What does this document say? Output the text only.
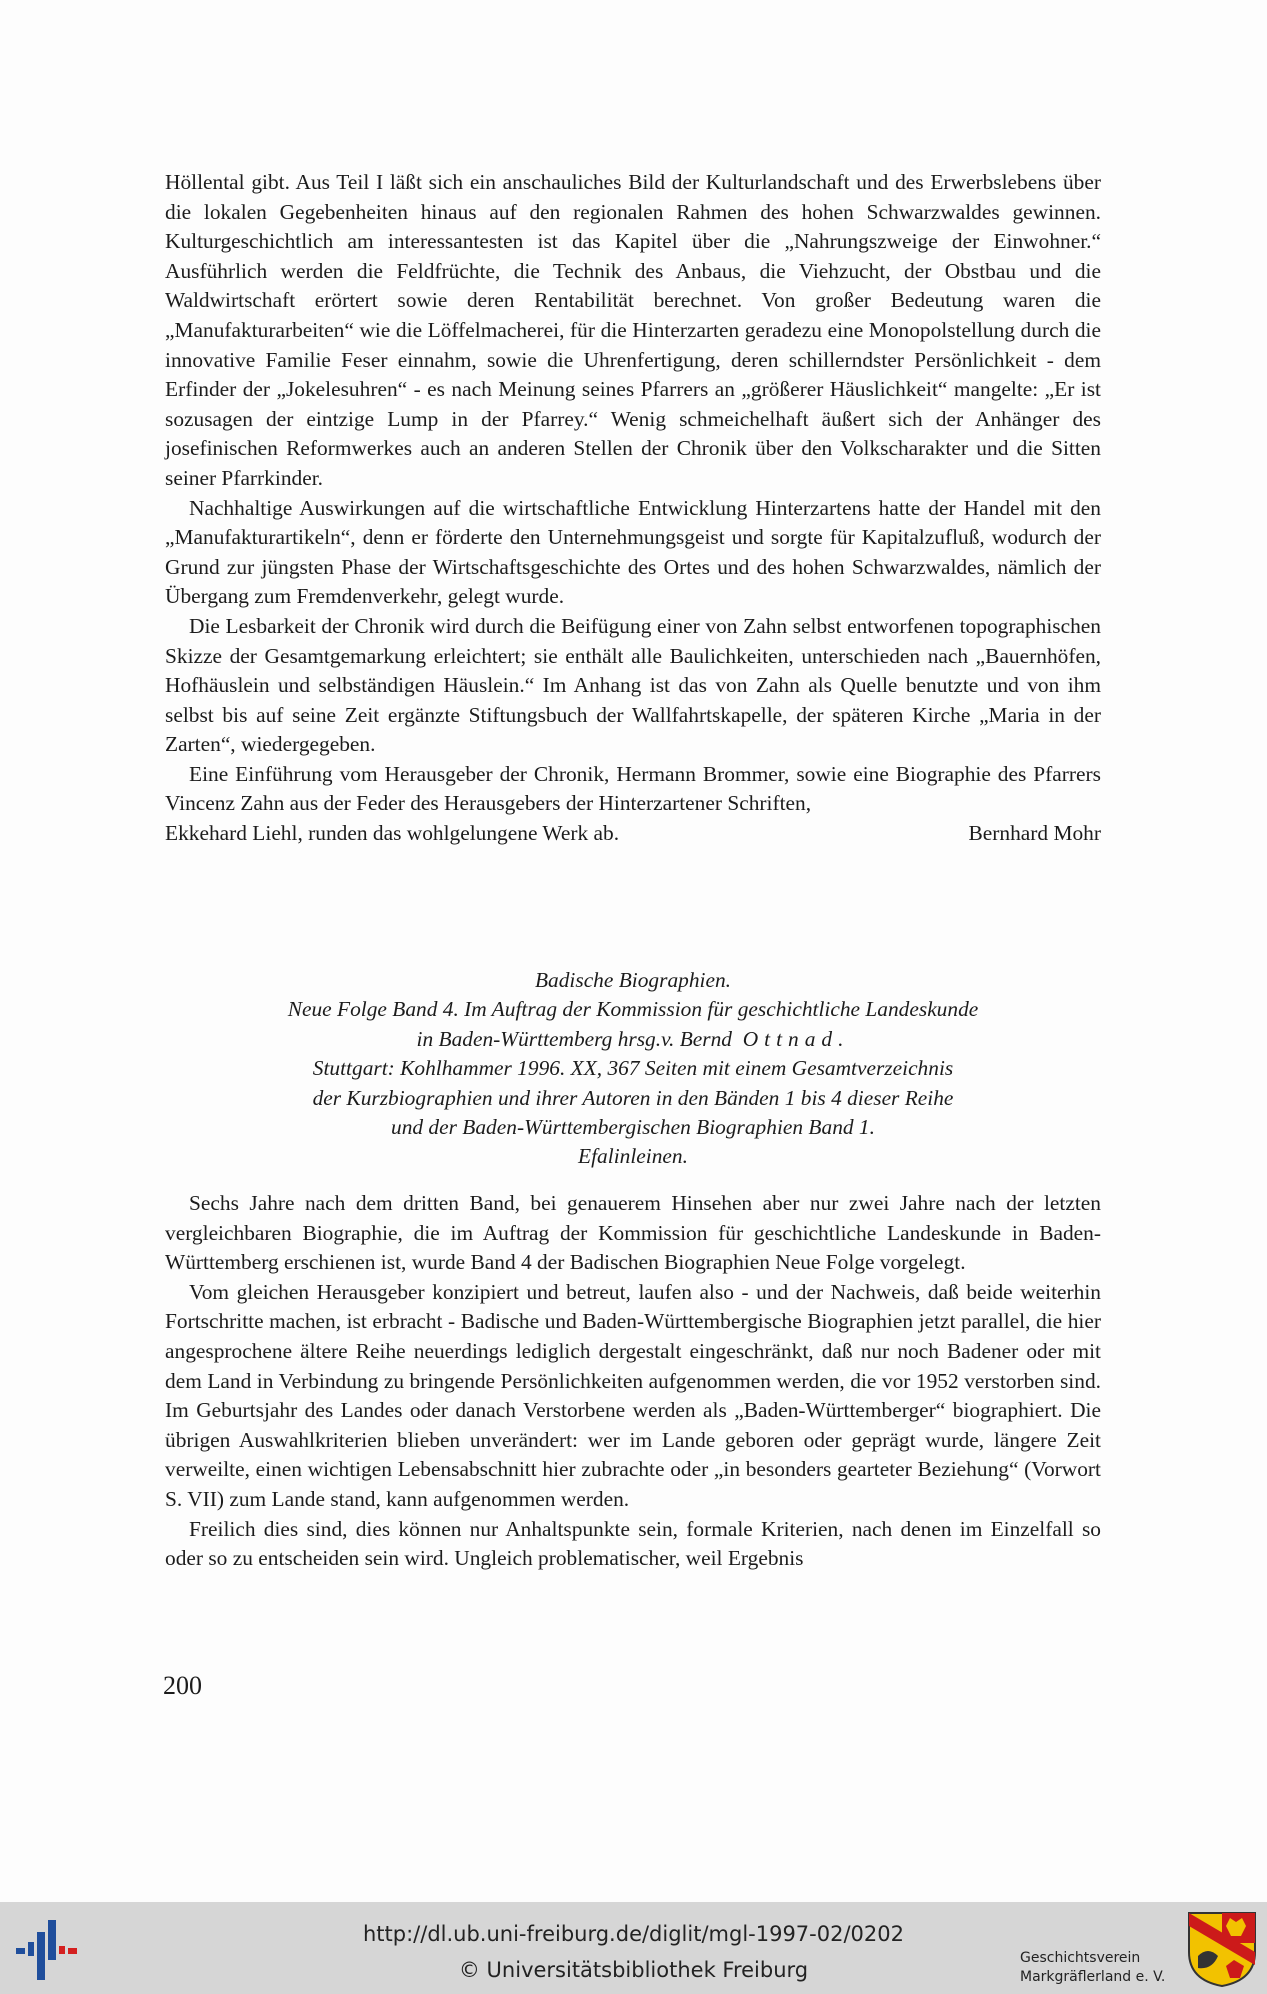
Höllental gibt. Aus Teil I läßt sich ein anschauliches Bild der Kulturlandschaft und des Erwerbslebens über die lokalen Gegebenheiten hinaus auf den regionalen Rahmen des hohen Schwarzwaldes gewinnen. Kulturgeschichtlich am interessantesten ist das Kapitel über die „Nahrungszweige der Einwohner.“ Ausführlich werden die Feldfrüchte, die Technik des Anbaus, die Viehzucht, der Obstbau und die Waldwirtschaft erörtert sowie deren Rentabilität berechnet. Von großer Bedeutung waren die „Manufakturarbeiten“ wie die Löffelmacherei, für die Hinterzarten geradezu eine Monopolstellung durch die innovative Familie Feser einnahm, sowie die Uhrenfertigung, deren schillerndster Persönlichkeit - dem Erfinder der „Jokelesuhren“ - es nach Meinung seines Pfarrers an „größerer Häuslichkeit“ mangelte: „Er ist sozusagen der eintzige Lump in der Pfarrey.“ Wenig schmeichelhaft äußert sich der Anhänger des josefinischen Reformwerkes auch an anderen Stellen der Chronik über den Volkscharakter und die Sitten seiner Pfarrkinder.

Nachhaltige Auswirkungen auf die wirtschaftliche Entwicklung Hinterzartens hatte der Handel mit den „Manufakturartikeln“, denn er förderte den Unternehmungsgeist und sorgte für Kapitalzufluß, wodurch der Grund zur jüngsten Phase der Wirtschaftsgeschichte des Ortes und des hohen Schwarzwaldes, nämlich der Übergang zum Fremdenverkehr, gelegt wurde.

Die Lesbarkeit der Chronik wird durch die Beifügung einer von Zahn selbst entworfenen topographischen Skizze der Gesamtgemarkung erleichtert; sie enthält alle Baulichkeiten, unterschieden nach „Bauernhöfen, Hofhäuslein und selbständigen Häuslein.“ Im Anhang ist das von Zahn als Quelle benutzte und von ihm selbst bis auf seine Zeit ergänzte Stiftungsbuch der Wallfahrtskapelle, der späteren Kirche „Maria in der Zarten“, wiedergegeben.

Eine Einführung vom Herausgeber der Chronik, Hermann Brommer, sowie eine Biographie des Pfarrers Vincenz Zahn aus der Feder des Herausgebers der Hinterzartener Schriften,

Ekkehard Liehl, runden das wohlgelungene Werk ab.	Bernhard Mohr
Badische Biographien.
Neue Folge Band 4. Im Auftrag der Kommission für geschichtliche Landeskunde
in Baden-Württemberg hrsg.v. Bernd Ottnad.
Stuttgart: Kohlhammer 1996. XX, 367 Seiten mit einem Gesamtverzeichnis
der Kurzbiographien und ihrer Autoren in den Bänden 1 bis 4 dieser Reihe
und der Baden-Württembergischen Biographien Band 1.
Efalinleinen.

Sechs Jahre nach dem dritten Band, bei genauerem Hinsehen aber nur zwei Jahre nach der letzten vergleichbaren Biographie, die im Auftrag der Kommission für geschichtliche Landeskunde in Baden-Württemberg erschienen ist, wurde Band 4 der Badischen Biographien Neue Folge vorgelegt.

Vom gleichen Herausgeber konzipiert und betreut, laufen also - und der Nachweis, daß beide weiterhin Fortschritte machen, ist erbracht - Badische und Baden-Württembergische Biographien jetzt parallel, die hier angesprochene ältere Reihe neuerdings lediglich dergestalt eingeschränkt, daß nur noch Badener oder mit dem Land in Verbindung zu bringende Persönlichkeiten aufgenommen werden, die vor 1952 verstorben sind. Im Geburtsjahr des Landes oder danach Verstorbene werden als „Baden-Württemberger“ biographiert. Die übrigen Auswahlkriterien blieben unverändert: wer im Lande geboren oder geprägt wurde, längere Zeit verweilte, einen wichtigen Lebensabschnitt hier zubrachte oder „in besonders gearteter Beziehung“ (Vorwort S. VII) zum Lande stand, kann aufgenommen werden.

Freilich dies sind, dies können nur Anhaltspunkte sein, formale Kriterien, nach denen im Einzelfall so oder so zu entscheiden sein wird. Ungleich problematischer, weil Ergebnis

200
http://dl.ub.uni-freiburg.de/diglit/mgl-1997-02/0202
© Universitätsbibliothek Freiburg	Geschichtsverein
Markgräflerland e. V.
